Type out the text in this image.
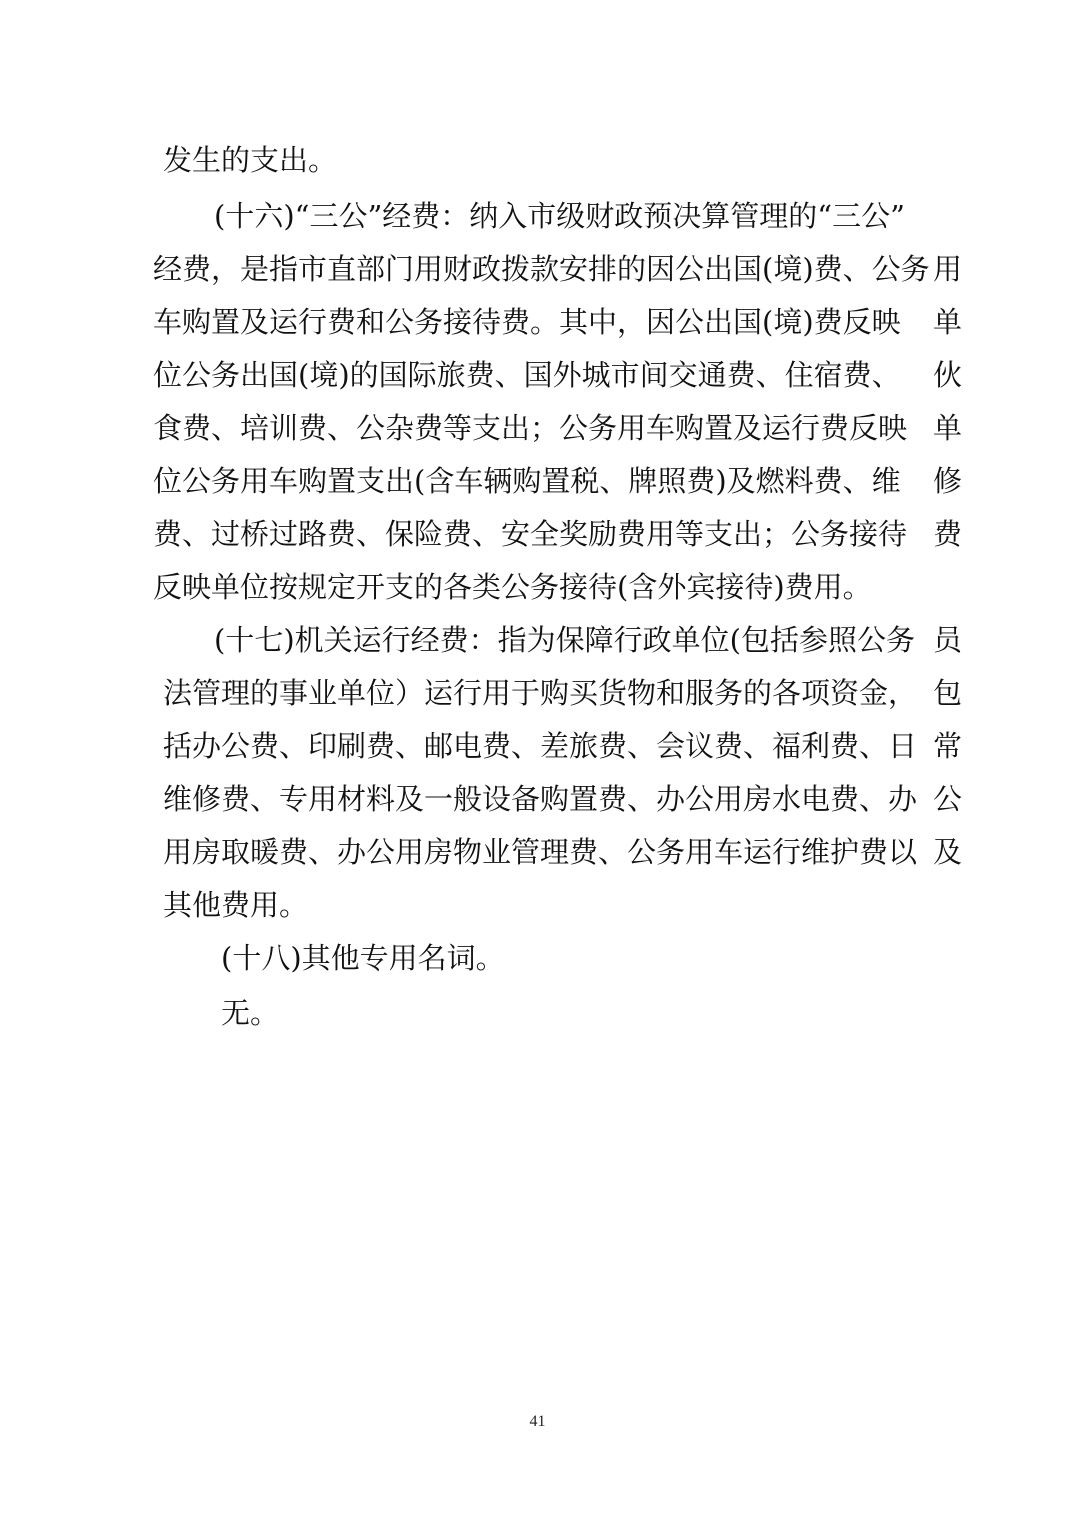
发生的支出。
(十六)“三公”经费：纳入市级财政预决算管理的“三公”
经费，是指市直部门用财政拨款安排的因公出国(境)费、公务 用
车购置及运行费和公务接待费。其中，因公出国(境)费反映 单
位公务出国(境)的国际旅费、国外城市间交通费、住宿费、 伙
食费、培训费、公杂费等支出；公务用车购置及运行费反映 单
位公务用车购置支出(含车辆购置税、牌照费)及燃料费、维 修
费、过桥过路费、保险费、安全奖励费用等支出；公务接待 费
反映单位按规定开支的各类公务接待(含外宾接待)费用。
(十七)机关运行经费：指为保障行政单位(包括参照公务 员
法管理的事业单位）运行用于购买货物和服务的各项资金， 包
括办公费、印刷费、邮电费、差旅费、会议费、福利费、日 常
维修费、专用材料及一般设备购置费、办公用房水电费、办 公
用房取暖费、办公用房物业管理费、公务用车运行维护费以 及
其他费用。
(十八)其他专用名词。
无。
41
